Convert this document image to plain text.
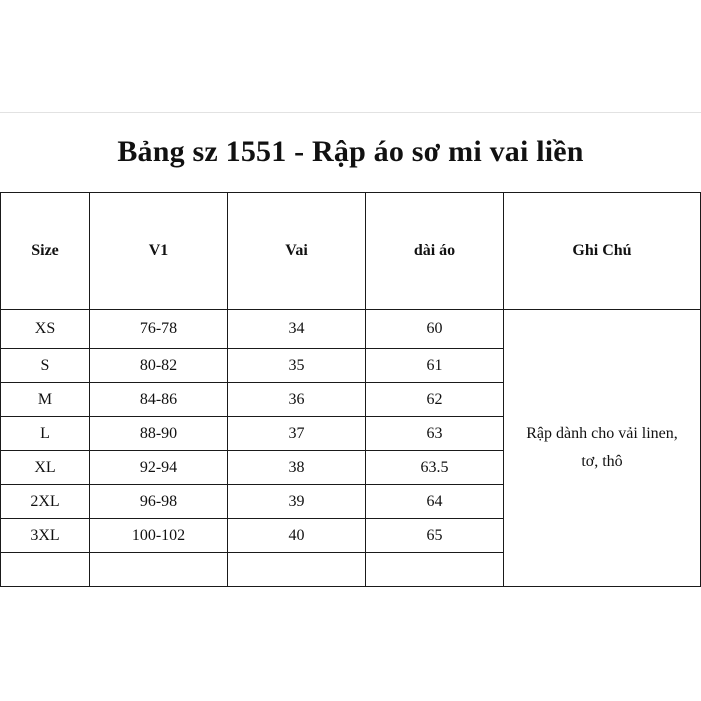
Bảng sz 1551 - Rập áo sơ mi vai liền
Size	V1	Vai	dài áo	Ghi Chú
XS	76-78	34	60	Rập dành cho vải linen,
tơ, thô

S	80-82	35	61	
M	84-86	36	62	
L	88-90	37	63	
XL	92-94	38	63.5	
2XL	96-98	39	64	
3XL	100-102	40	65	
